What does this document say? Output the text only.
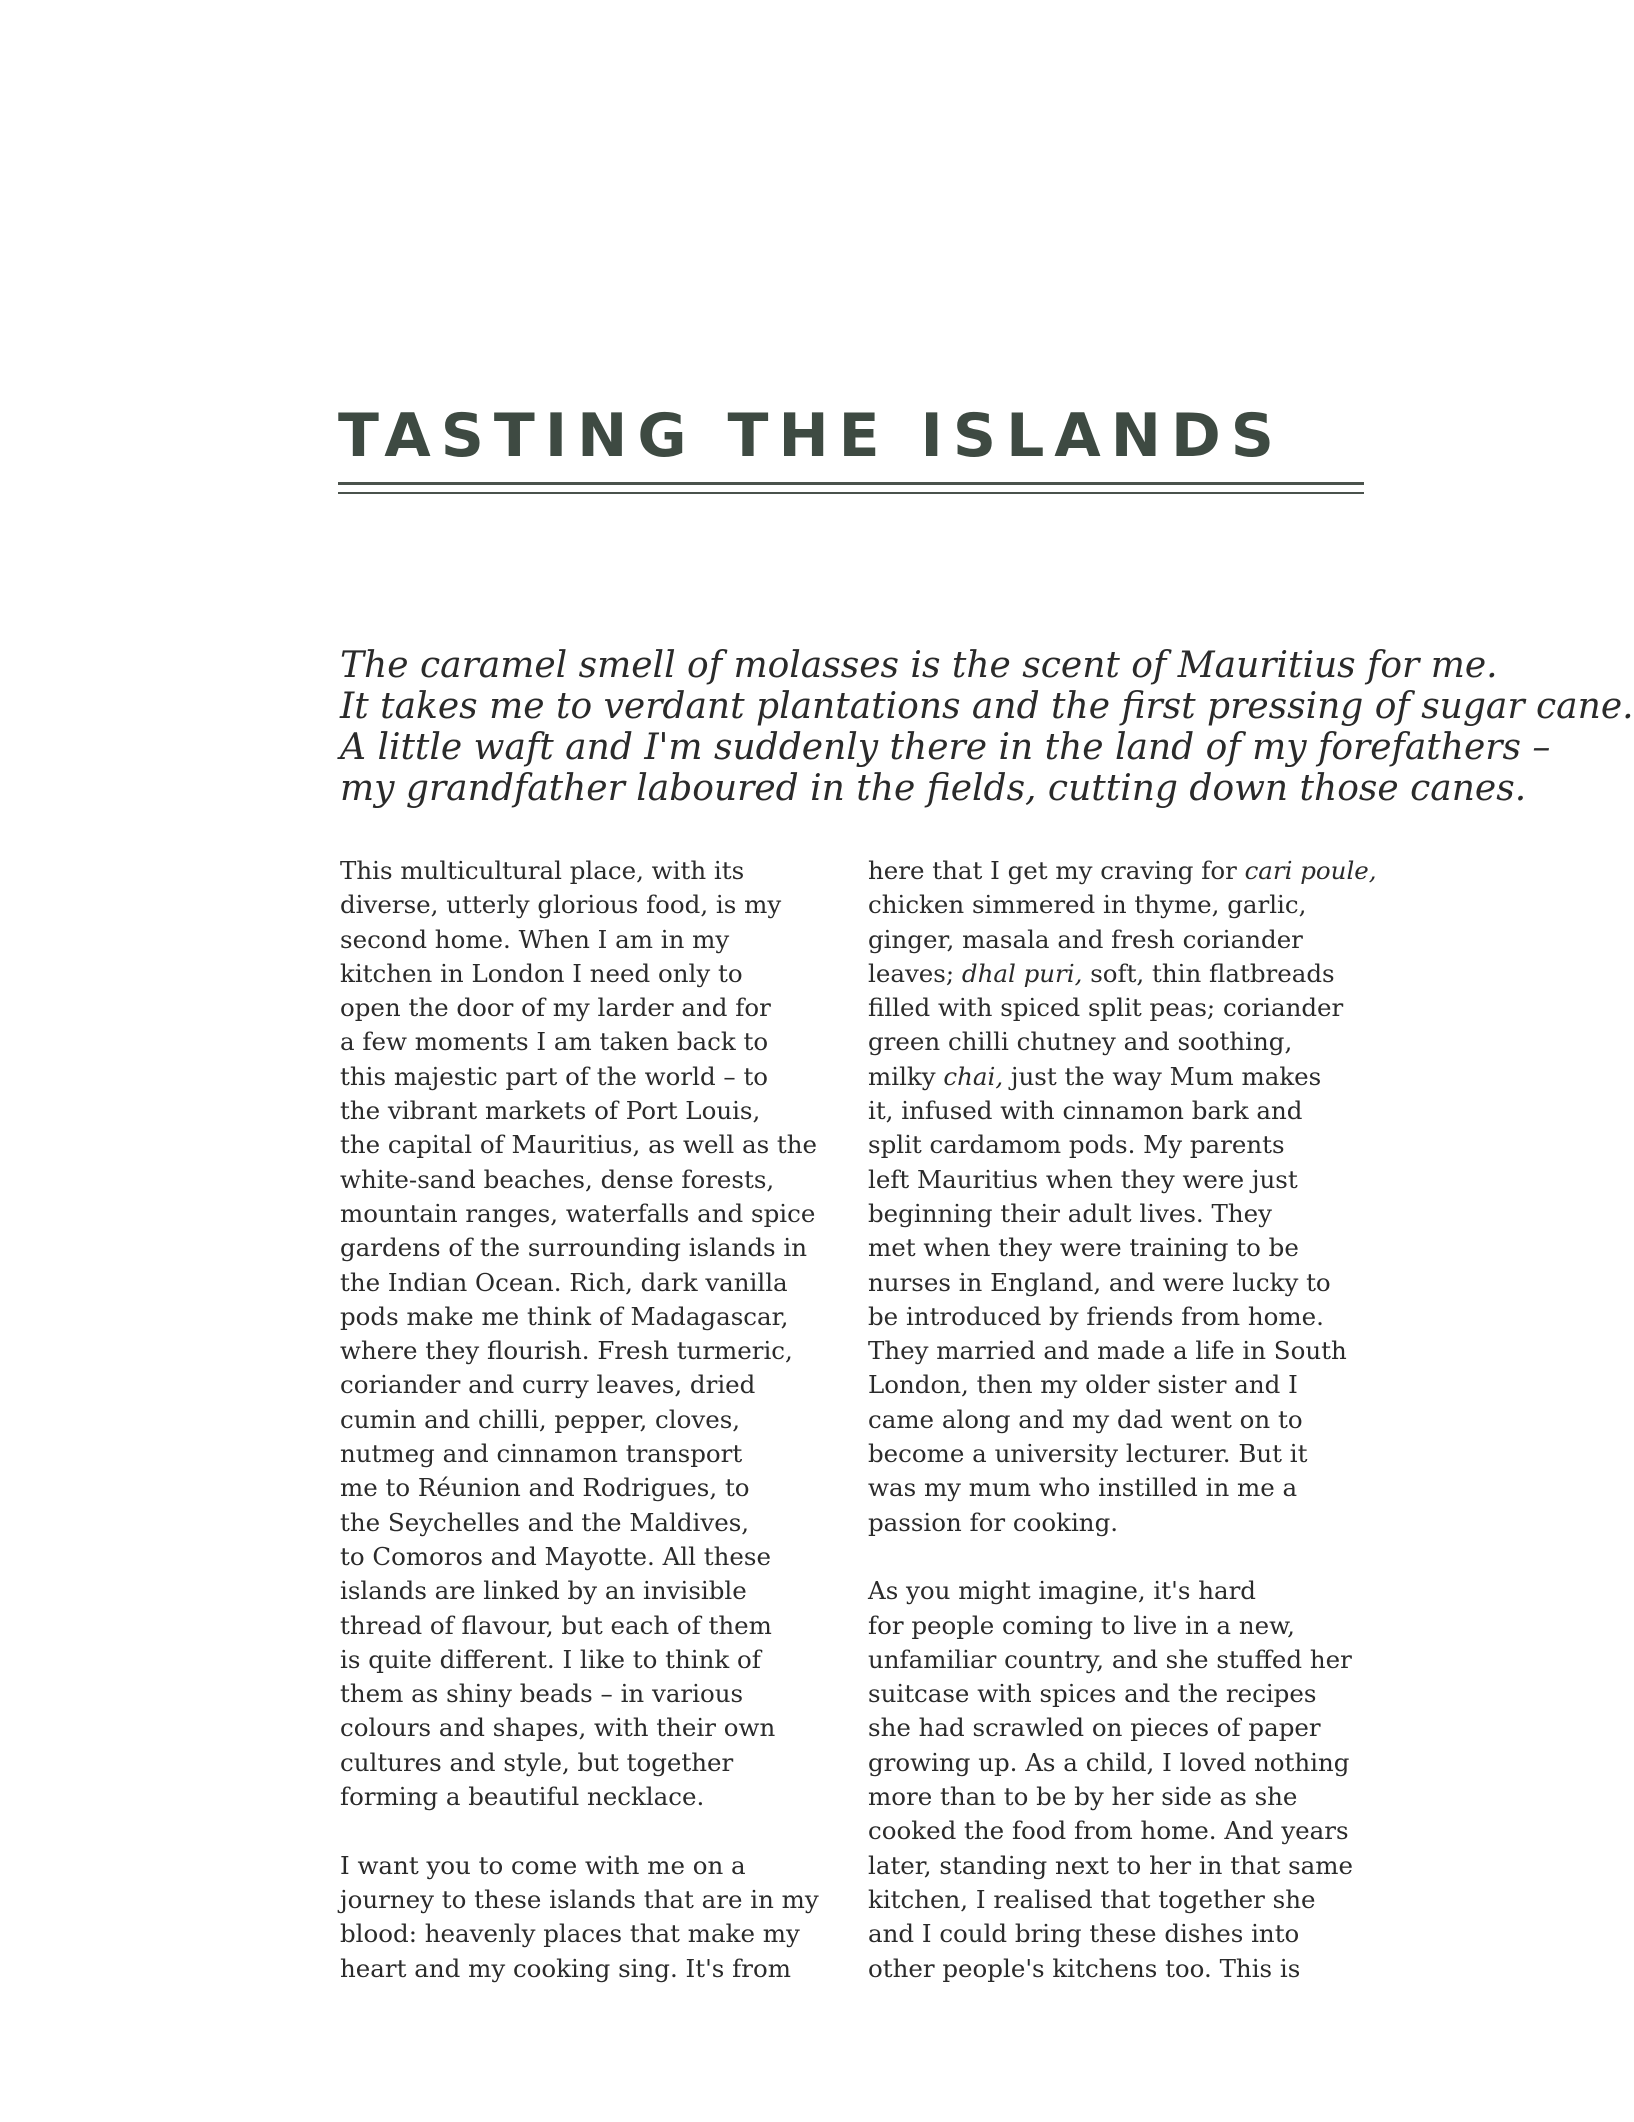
TASTING THE ISLANDS
The caramel smell of molasses is the scent of Mauritius for me.
It takes me to verdant plantations and the first pressing of sugar cane.
A little waft and I'm suddenly there in the land of my forefathers –
my grandfather laboured in the fields, cutting down those canes.
This multicultural place, with its
diverse, utterly glorious food, is my
second home. When I am in my
kitchen in London I need only to
open the door of my larder and for
a few moments I am taken back to
this majestic part of the world – to
the vibrant markets of Port Louis,
the capital of Mauritius, as well as the
white-sand beaches, dense forests,
mountain ranges, waterfalls and spice
gardens of the surrounding islands in
the Indian Ocean. Rich, dark vanilla
pods make me think of Madagascar,
where they flourish. Fresh turmeric,
coriander and curry leaves, dried
cumin and chilli, pepper, cloves,
nutmeg and cinnamon transport
me to Réunion and Rodrigues, to
the Seychelles and the Maldives,
to Comoros and Mayotte. All these
islands are linked by an invisible
thread of flavour, but each of them
is quite different. I like to think of
them as shiny beads – in various
colours and shapes, with their own
cultures and style, but together
forming a beautiful necklace.
I want you to come with me on a
journey to these islands that are in my
blood: heavenly places that make my
heart and my cooking sing. It's from
here that I get my craving for cari poule,
chicken simmered in thyme, garlic,
ginger, masala and fresh coriander
leaves; dhal puri, soft, thin flatbreads
filled with spiced split peas; coriander
green chilli chutney and soothing,
milky chai, just the way Mum makes
it, infused with cinnamon bark and
split cardamom pods. My parents
left Mauritius when they were just
beginning their adult lives. They
met when they were training to be
nurses in England, and were lucky to
be introduced by friends from home.
They married and made a life in South
London, then my older sister and I
came along and my dad went on to
become a university lecturer. But it
was my mum who instilled in me a
passion for cooking.
As you might imagine, it's hard
for people coming to live in a new,
unfamiliar country, and she stuffed her
suitcase with spices and the recipes
she had scrawled on pieces of paper
growing up. As a child, I loved nothing
more than to be by her side as she
cooked the food from home. And years
later, standing next to her in that same
kitchen, I realised that together she
and I could bring these dishes into
other people's kitchens too. This is
